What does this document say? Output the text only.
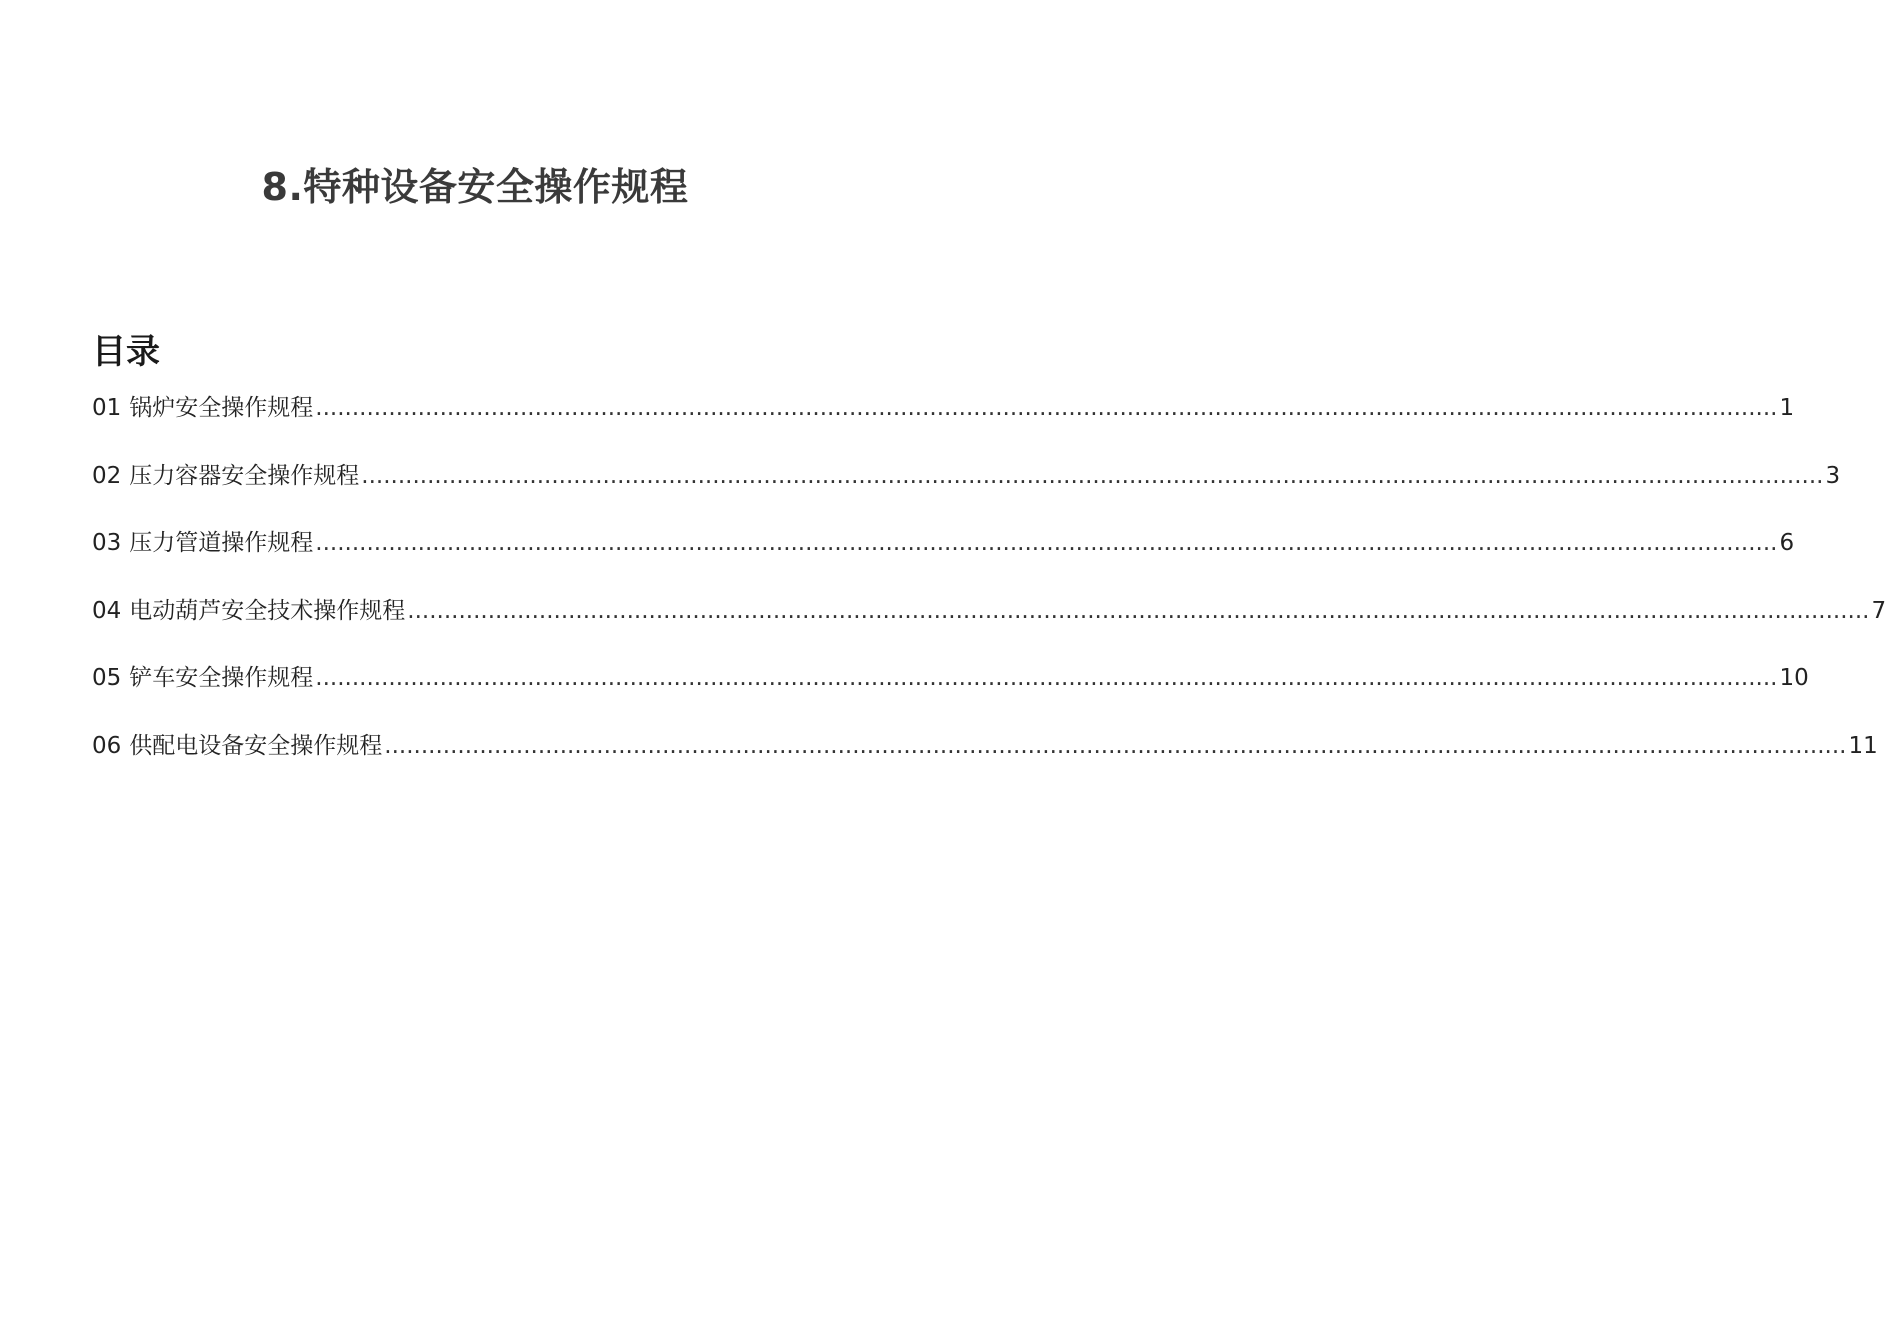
8.特种设备安全操作规程
目录
01 锅炉安全操作规程 ........................................................................................................................................................................................................ 1
02 压力容器安全操作规程 ........................................................................................................................................................................................................ 3
03 压力管道操作规程 ........................................................................................................................................................................................................ 6
04 电动葫芦安全技术操作规程 ........................................................................................................................................................................................................ 7
05 铲车安全操作规程 ........................................................................................................................................................................................................ 10
06 供配电设备安全操作规程 ........................................................................................................................................................................................................ 11
